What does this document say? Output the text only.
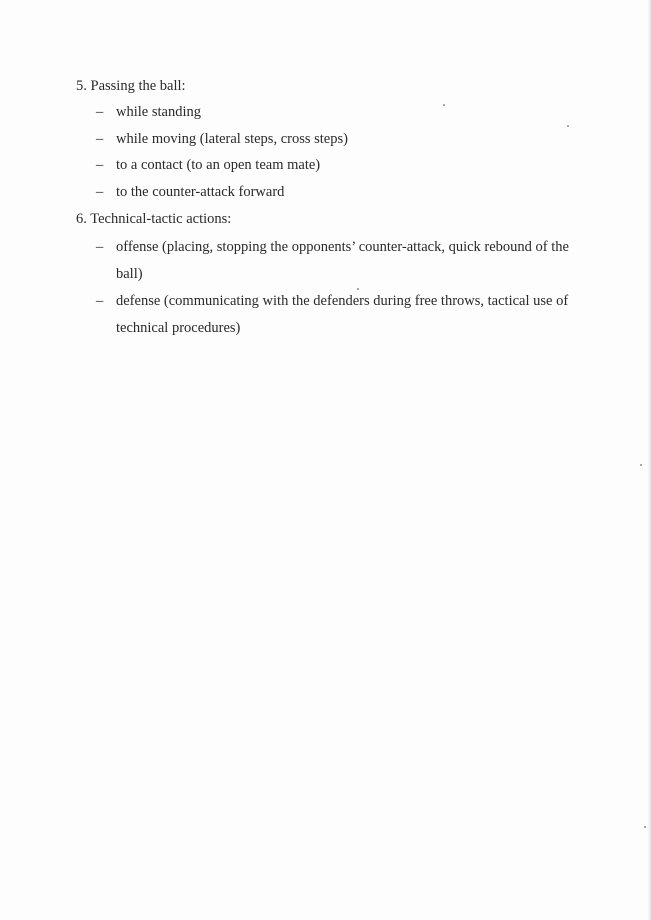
5. Passing the ball:
– while standing
– while moving (lateral steps, cross steps)
– to a contact (to an open team mate)
– to the counter-attack forward
6. Technical-tactic actions:
– offense (placing, stopping the opponents’ counter-attack, quick rebound of the ball)
– defense (communicating with the defenders during free throws, tactical use of technical procedures)
